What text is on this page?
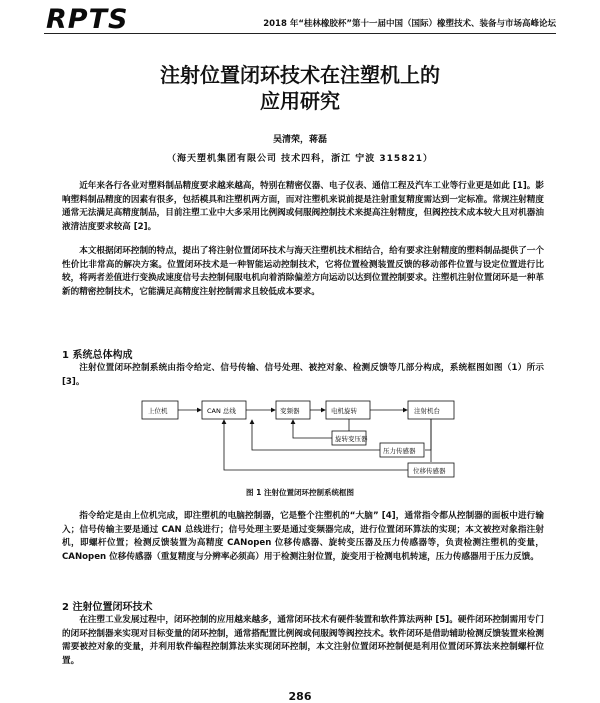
RPTS	2018 年“桂林橡胶杯”第十一届中国（国际）橡塑技术、装备与市场高峰论坛
注射位置闭环技术在注塑机上的
应用研究
吴清荣，蒋磊
（海天塑机集团有限公司 技术四科，浙江 宁波 315821）

近年来各行各业对塑料制品精度要求越来越高，特别在精密仪器、电子仪表、通信工程及汽车工业等行业更是如此 [1]。影响塑料制品精度的因素有很多，包括模具和注塑机两方面，而对注塑机来说前提是注射重复精度需达到一定标准。常规注射精度通常无法满足高精度制品，目前注塑工业中大多采用比例阀或伺服阀控制技术来提高注射精度，但阀控技术成本较大且对机器油液清洁度要求较高 [2]。

本文根据闭环控制的特点，提出了将注射位置闭环技术与海天注塑机技术相结合，给有要求注射精度的塑料制品提供了一个性价比非常高的解决方案。位置闭环技术是一种智能运动控制技术，它将位置检测装置反馈的移动部件位置与设定位置进行比较，将两者差值进行变换成速度信号去控制伺服电机向着消除偏差方向运动以达到位置控制要求。注塑机注射位置闭环是一种革新的精密控制技术，它能满足高精度注射控制需求且较低成本要求。

1 系统总体构成

注射位置闭环控制系统由指令给定、信号传输、信号处理、被控对象、检测反馈等几部分构成，系统框图如图（1）所示 [3]。

上位机	CAN 总线	变频器	电机旋转	注射机台
旋转变压器
压力传感器
位移传感器
图 1 注射位置闭环控制系统框图

指令给定是由上位机完成，即注塑机的电脑控制器，它是整个注塑机的“大脑” [4]，通常指令都从控制器的面板中进行输入；信号传输主要是通过 CAN 总线进行；信号处理主要是通过变频器完成，进行位置闭环算法的实现；本文被控对象指注射机，即螺杆位置；检测反馈装置为高精度 CANopen 位移传感器、旋转变压器及压力传感器等，负责检测注塑机的变量，CANopen 位移传感器（重复精度与分辨率必须高）用于检测注射位置，旋变用于检测电机转速，压力传感器用于压力反馈。

2 注射位置闭环技术

在注塑工业发展过程中，闭环控制的应用越来越多，通常闭环技术有硬件装置和软件算法两种 [5]。硬件闭环控制需用专门的闭环控制器来实现对目标变量的闭环控制，通常搭配置比例阀或伺服阀等阀控技术。软件闭环是借助辅助检测反馈装置来检测需要被控对象的变量，并利用软件编程控制算法来实现闭环控制，本文注射位置闭环控制便是利用位置闭环算法来控制螺杆位置。

286
